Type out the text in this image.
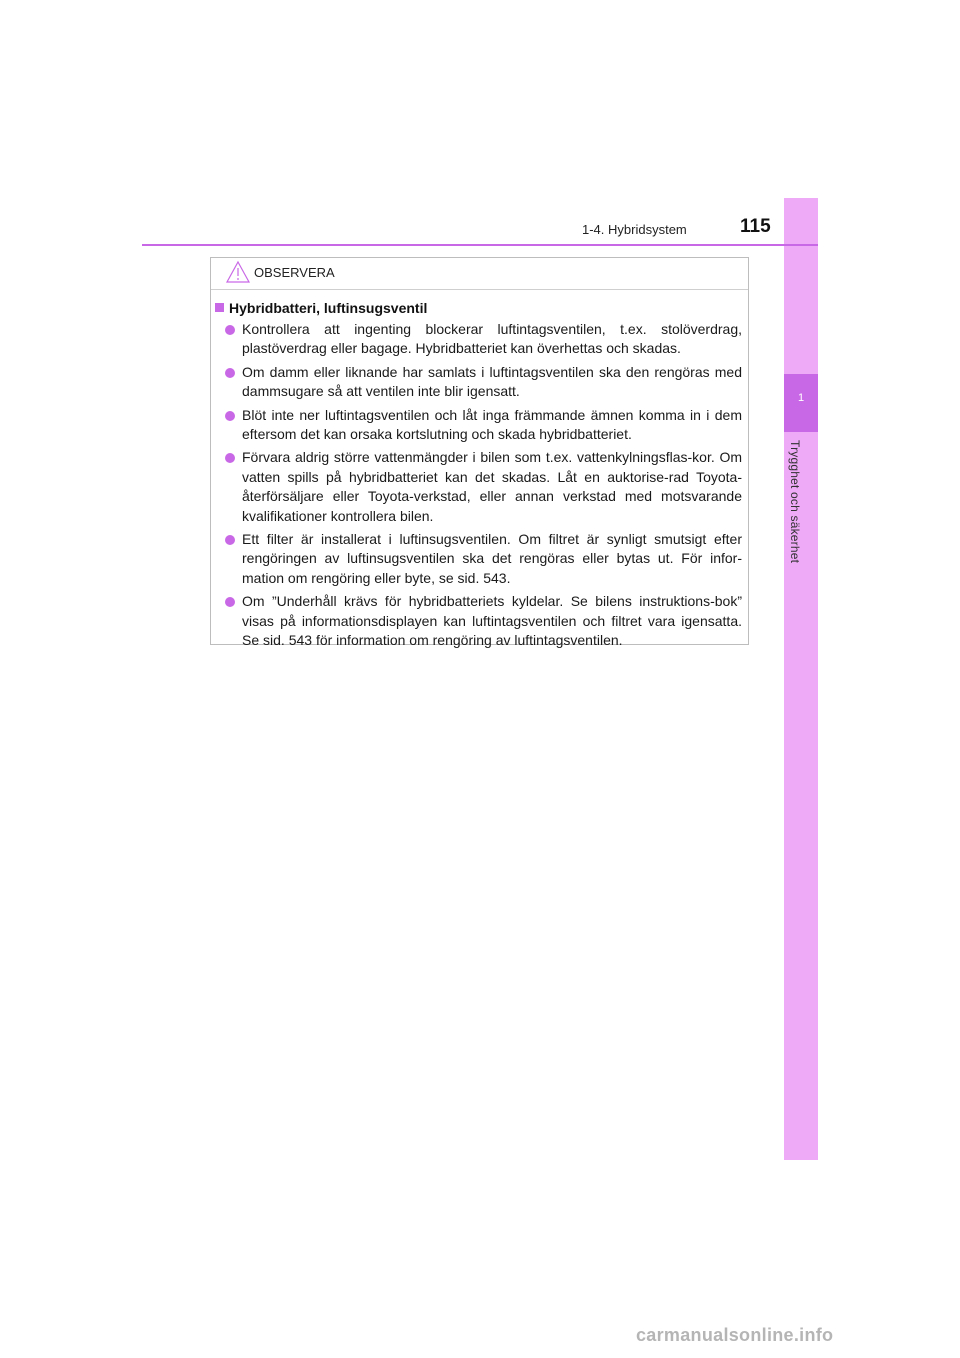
1
Trygghet och säkerhet
1-4. Hybridsystem	115
OBSERVERA
Hybridbatteri, luftinsugsventil
Kontrollera att ingenting blockerar luftintagsventilen, t.ex. stolöverdrag, plastöverdrag eller bagage. Hybridbatteriet kan överhettas och skadas.
Om damm eller liknande har samlats i luftintagsventilen ska den rengöras med dammsugare så att ventilen inte blir igensatt.
Blöt inte ner luftintagsventilen och låt inga främmande ämnen komma in i dem eftersom det kan orsaka kortslutning och skada hybridbatteriet.
Förvara aldrig större vattenmängder i bilen som t.ex. vattenkylningsflas-kor. Om vatten spills på hybridbatteriet kan det skadas. Låt en auktorise-rad Toyota-återförsäljare eller Toyota-verkstad, eller annan verkstad med motsvarande kvalifikationer kontrollera bilen.
Ett filter är installerat i luftinsugsventilen. Om filtret är synligt smutsigt efter rengöringen av luftinsugsventilen ska det rengöras eller bytas ut. För infor-mation om rengöring eller byte, se sid. 543.
Om ”Underhåll krävs för hybridbatteriets kyldelar. Se bilens instruktions-bok” visas på informationsdisplayen kan luftintagsventilen och filtret vara igensatta. Se sid. 543 för information om rengöring av luftintagsventilen.
carmanualsonline.info
